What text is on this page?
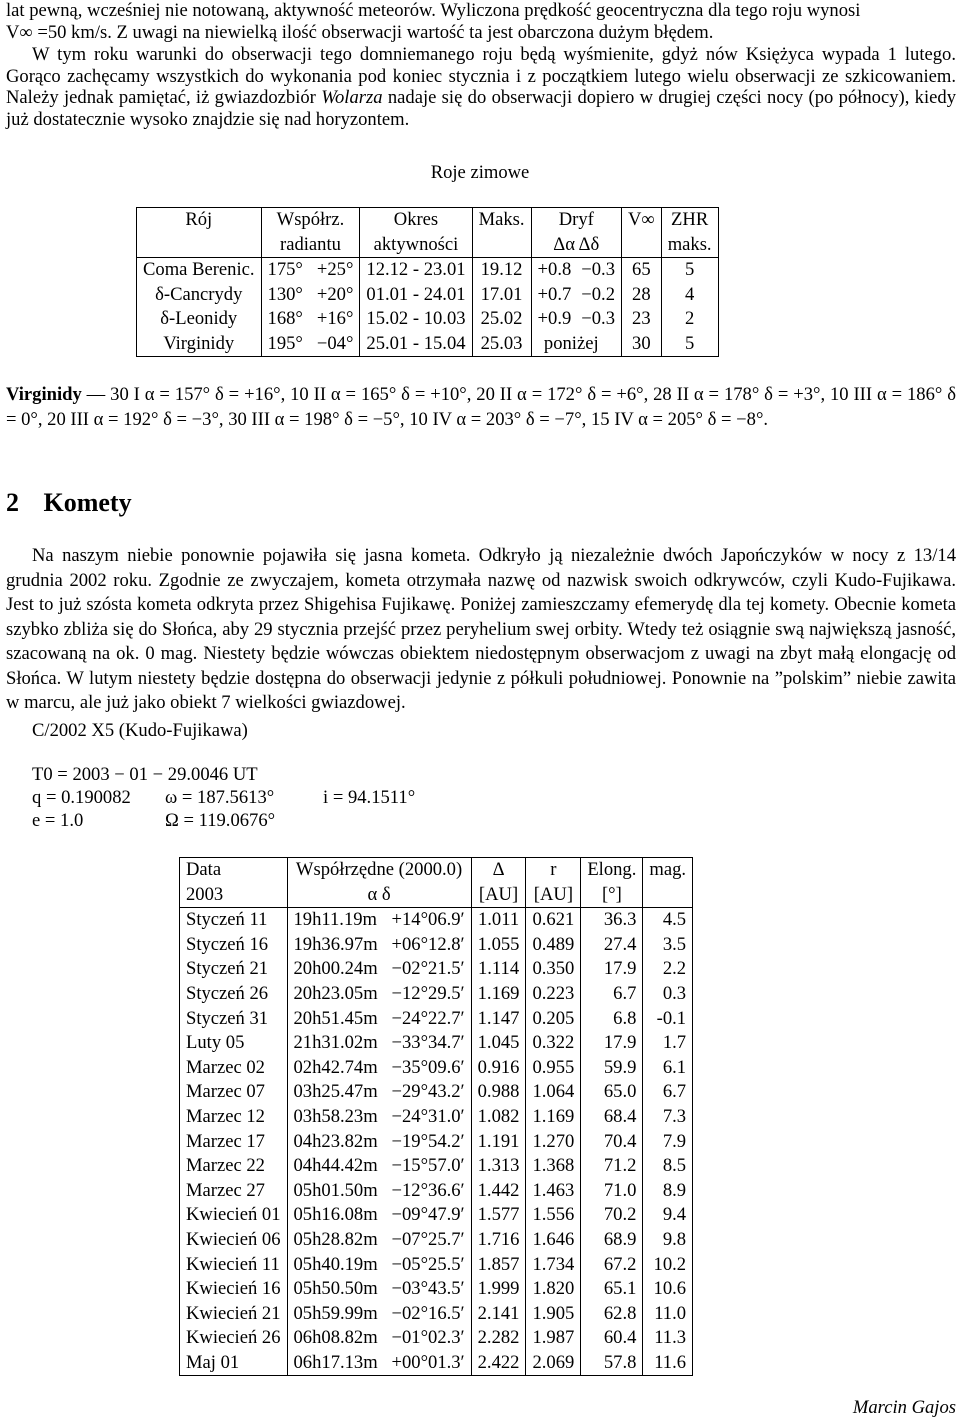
lat pewną, wcześniej nie notowaną, aktywność meteorów. Wyliczona prędkość geocentryczna dla tego roju wynosi

V∞ =50 km/s. Z uwagi na niewielką ilość obserwacji wartość ta jest obarczona dużym błędem.

W tym roku warunki do obserwacji tego domniemanego roju będą wyśmienite, gdyż nów Księżyca wypada 1 lutego. Gorąco zachęcamy wszystkich do wykonania pod koniec stycznia i z początkiem lutego wielu obserwacji ze szkicowaniem. Należy jednak pamiętać, iż gwiazdozbiór Wolarza nadaje się do obserwacji dopiero w drugiej części nocy (po północy), kiedy już dostatecznie wysoko znajdzie się nad horyzontem.

Roje zimowe
Rój	Współrz.	Okres	Maks.	Dryf	V∞	ZHR
	radiantu	aktywności		Δα Δδ		maks.
Coma Berenic.	175° +25°	12.12 - 23.01	19.12	+0.8 −0.3	65	5
δ-Cancrydy	130° +20°	01.01 - 24.01	17.01	+0.7 −0.2	28	4
δ-Leonidy	168° +16°	15.02 - 10.03	25.02	+0.9 −0.3	23	2
Virginidy	195° −04°	25.01 - 15.04	25.03	poniżej	30	5

Virginidy — 30 I α = 157° δ = +16°, 10 II α = 165° δ = +10°, 20 II α = 172° δ = +6°, 28 II α = 178° δ = +3°, 10 III α = 186° δ = 0°, 20 III α = 192° δ = −3°, 30 III α = 198° δ = −5°, 10 IV α = 203° δ = −7°, 15 IV α = 205° δ = −8°.

2 Komety

Na naszym niebie ponownie pojawiła się jasna kometa. Odkryło ją niezależnie dwóch Japończyków w nocy z 13/14 grudnia 2002 roku. Zgodnie ze zwyczajem, kometa otrzymała nazwę od nazwisk swoich odkrywców, czyli Kudo-Fujikawa. Jest to już szósta kometa odkryta przez Shigehisa Fujikawę. Poniżej zamieszczamy efemerydę dla tej komety. Obecnie kometa szybko zbliża się do Słońca, aby 29 stycznia przejść przez peryhelium swej orbity. Wtedy też osiągnie swą największą jasność, szacowaną na ok. 0 mag. Niestety będzie wówczas obiektem niedostępnym obserwacjom z uwagi na zbyt małą elongację od Słońca. W lutym niestety będzie dostępna do obserwacji jedynie z półkuli południowej. Ponownie na ”polskim” niebie zawita w marcu, ale już jako obiekt 7 wielkości gwiazdowej.

C/2002 X5 (Kudo-Fujikawa)
T0 = 2003 − 01 − 29.0046 UT
q = 0.190082 ω = 187.5613°	i = 94.1511°
e = 1.0	Ω = 119.0676°
Data	Współrzędne (2000.0)	Δ	r	Elong.	mag.
2003	α δ	[AU]	[AU]	[°]	
Styczeń 11	19h11.19m +14°06.9′	1.011	0.621	36.3	4.5
Styczeń 16	19h36.97m +06°12.8′	1.055	0.489	27.4	3.5
Styczeń 21	20h00.24m −02°21.5′	1.114	0.350	17.9	2.2
Styczeń 26	20h23.05m −12°29.5′	1.169	0.223	6.7	0.3
Styczeń 31	20h51.45m −24°22.7′	1.147	0.205	6.8	-0.1
Luty 05	21h31.02m −33°34.7′	1.045	0.322	17.9	1.7
Marzec 02	02h42.74m −35°09.6′	0.916	0.955	59.9	6.1
Marzec 07	03h25.47m −29°43.2′	0.988	1.064	65.0	6.7
Marzec 12	03h58.23m −24°31.0′	1.082	1.169	68.4	7.3
Marzec 17	04h23.82m −19°54.2′	1.191	1.270	70.4	7.9
Marzec 22	04h44.42m −15°57.0′	1.313	1.368	71.2	8.5
Marzec 27	05h01.50m −12°36.6′	1.442	1.463	71.0	8.9
Kwiecień 01	05h16.08m −09°47.9′	1.577	1.556	70.2	9.4
Kwiecień 06	05h28.82m −07°25.7′	1.716	1.646	68.9	9.8
Kwiecień 11	05h40.19m −05°25.5′	1.857	1.734	67.2	10.2
Kwiecień 16	05h50.50m −03°43.5′	1.999	1.820	65.1	10.6
Kwiecień 21	05h59.99m −02°16.5′	2.141	1.905	62.8	11.0
Kwiecień 26	06h08.82m −01°02.3′	2.282	1.987	60.4	11.3
Maj 01	06h17.13m +00°01.3′	2.422	2.069	57.8	11.6
Marcin Gajos
